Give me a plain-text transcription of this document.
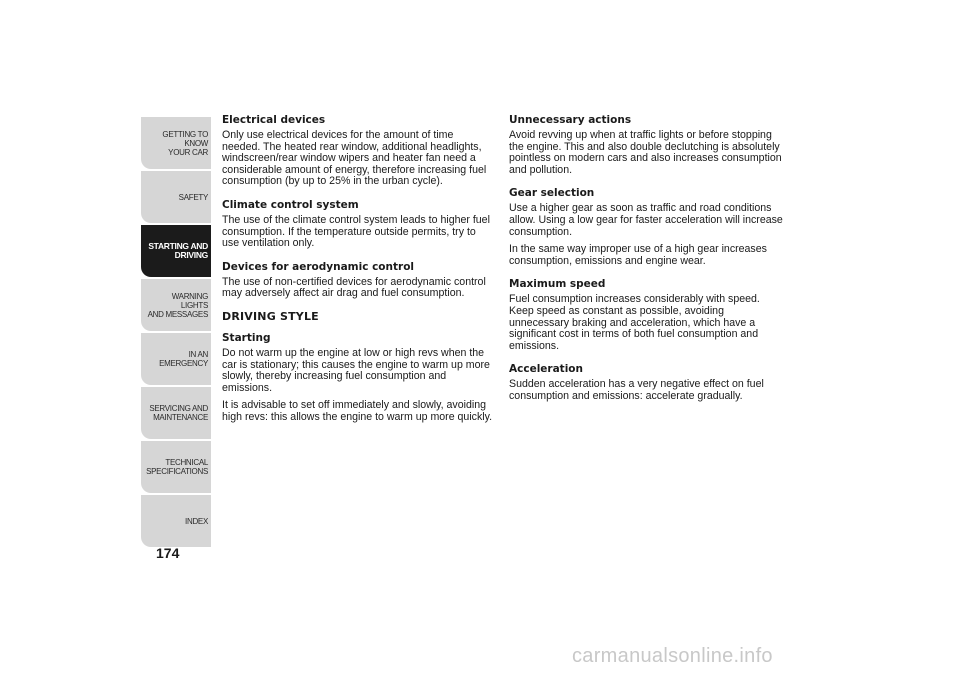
GETTING TO KNOW
YOUR CAR
SAFETY
STARTING AND
DRIVING
WARNING LIGHTS
AND MESSAGES
IN AN EMERGENCY
SERVICING AND
MAINTENANCE
TECHNICAL
SPECIFICATIONS
INDEX
174
Electrical devices
Only use electrical devices for the amount of time needed. The heated rear window, additional headlights, windscreen/rear window wipers and heater fan need a considerable amount of energy, therefore increasing fuel consumption (by up to 25% in the urban cycle).
Climate control system
The use of the climate control system leads to higher fuel consumption. If the temperature outside permits, try to use ventilation only.
Devices for aerodynamic control
The use of non-certified devices for aerodynamic control may adversely affect air drag and fuel consumption.
DRIVING STYLE
Starting
Do not warm up the engine at low or high revs when the car is stationary; this causes the engine to warm up more slowly, thereby increasing fuel consumption and emissions.
It is advisable to set off immediately and slowly, avoiding high revs: this allows the engine to warm up more quickly.
Unnecessary actions
Avoid revving up when at traffic lights or before stopping the engine. This and also double declutching is absolutely pointless on modern cars and also increases consumption and pollution.
Gear selection
Use a higher gear as soon as traffic and road conditions allow. Using a low gear for faster acceleration will increase consumption.
In the same way improper use of a high gear increases consumption, emissions and engine wear.
Maximum speed
Fuel consumption increases considerably with speed. Keep speed as constant as possible, avoiding unnecessary braking and acceleration, which have a significant cost in terms of both fuel consumption and emissions.
Acceleration
Sudden acceleration has a very negative effect on fuel consumption and emissions: accelerate gradually.
carmanualsonline.info
